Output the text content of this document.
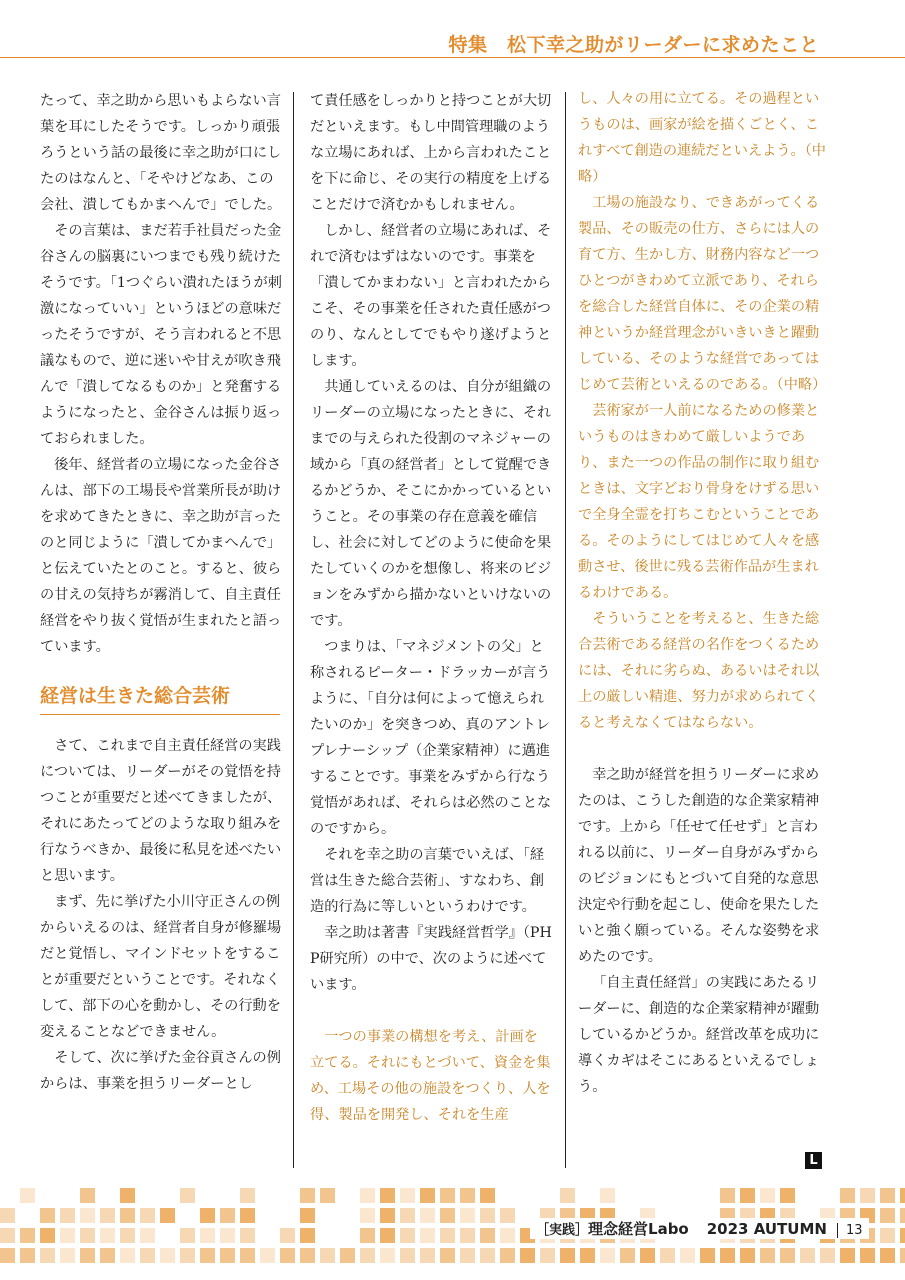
特集　松下幸之助がリーダーに求めたこと

たって、幸之助から思いもよらない言葉を耳にしたそうです。しっかり頑張ろうという話の最後に幸之助が口にしたのはなんと、「そやけどなあ、この会社、潰してもかまへんで」でした。

その言葉は、まだ若手社員だった金谷さんの脳裏にいつまでも残り続けたそうです。「1つぐらい潰れたほうが刺激になっていい」というほどの意味だったそうですが、そう言われると不思議なもので、逆に迷いや甘えが吹き飛んで「潰してなるものか」と発奮するようになったと、金谷さんは振り返っておられました。

後年、経営者の立場になった金谷さんは、部下の工場長や営業所長が助けを求めてきたときに、幸之助が言ったのと同じように「潰してかまへんで」と伝えていたとのこと。すると、彼らの甘えの気持ちが霧消して、自主責任経営をやり抜く覚悟が生まれたと語っています。

経営は生きた総合芸術

さて、これまで自主責任経営の実践については、リーダーがその覚悟を持つことが重要だと述べてきましたが、それにあたってどのような取り組みを行なうべきか、最後に私見を述べたいと思います。

まず、先に挙げた小川守正さんの例からいえるのは、経営者自身が修羅場だと覚悟し、マインドセットをすることが重要だということです。それなくして、部下の心を動かし、その行動を変えることなどできません。

そして、次に挙げた金谷貢さんの例からは、事業を担うリーダーとし

て責任感をしっかりと持つことが大切だといえます。もし中間管理職のような立場にあれば、上から言われたことを下に命じ、その実行の精度を上げることだけで済むかもしれません。

しかし、経営者の立場にあれば、それで済むはずはないのです。事業を「潰してかまわない」と言われたからこそ、その事業を任された責任感がつのり、なんとしてでもやり遂げようとします。

共通していえるのは、自分が組織のリーダーの立場になったときに、それまでの与えられた役割のマネジャーの域から「真の経営者」として覚醒できるかどうか、そこにかかっているということ。その事業の存在意義を確信し、社会に対してどのように使命を果たしていくのかを想像し、将来のビジョンをみずから描かないといけないのです。

つまりは、「マネジメントの父」と称されるピーター・ドラッカーが言うように、「自分は何によって憶えられたいのか」を突きつめ、真のアントレプレナーシップ（企業家精神）に邁進することです。事業をみずから行なう覚悟があれば、それらは必然のことなのですから。

それを幸之助の言葉でいえば、「経営は生きた総合芸術」、すなわち、創造的行為に等しいというわけです。

幸之助は著書『実践経営哲学』（PHP研究所）の中で、次のように述べています。

一つの事業の構想を考え、計画を立てる。それにもとづいて、資金を集め、工場その他の施設をつくり、人を得、製品を開発し、それを生産

し、人々の用に立てる。その過程というものは、画家が絵を描くごとく、これすべて創造の連続だといえよう。（中略）

工場の施設なり、できあがってくる製品、その販売の仕方、さらには人の育て方、生かし方、財務内容など一つひとつがきわめて立派であり、それらを総合した経営自体に、その企業の精神というか経営理念がいきいきと躍動している、そのような経営であってはじめて芸術といえるのである。（中略）

芸術家が一人前になるための修業というものはきわめて厳しいようであり、また一つの作品の制作に取り組むときは、文字どおり骨身をけずる思いで全身全霊を打ちこむということである。そのようにしてはじめて人々を感動させ、後世に残る芸術作品が生まれるわけである。

そういうことを考えると、生きた総合芸術である経営の名作をつくるためには、それに劣らぬ、あるいはそれ以上の厳しい精進、努力が求められてくると考えなくてはならない。

幸之助が経営を担うリーダーに求めたのは、こうした創造的な企業家精神です。上から「任せて任せず」と言われる以前に、リーダー自身がみずからのビジョンにもとづいて自発的な意思決定や行動を起こし、使命を果たしたいと強く願っている。そんな姿勢を求めたのです。

「自主責任経営」の実践にあたるリーダーに、創造的な企業家精神が躍動しているかどうか。経営改革を成功に導くカギはそこにあるといえるでしょう。

L
［実践］理念経営Labo 2023 AUTUMN 13
